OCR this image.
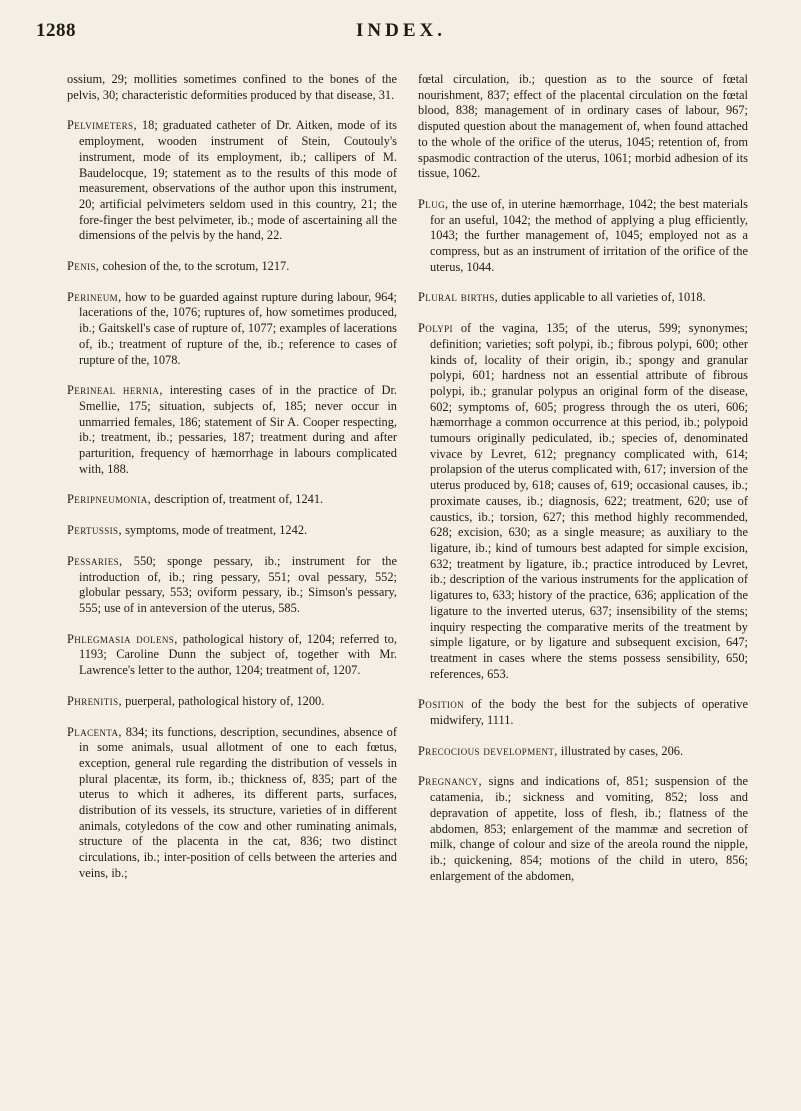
1288	INDEX.

ossium, 29; mollities sometimes confined to the bones of the pelvis, 30; characteristic deformities produced by that disease, 31.

Pelvimeters, 18; graduated catheter of Dr. Aitken, mode of its employment, wooden instrument of Stein, Coutouly's instrument, mode of its employment, ib.; callipers of M. Baudelocque, 19; statement as to the results of this mode of measurement, observations of the author upon this instrument, 20; artificial pelvimeters seldom used in this country, 21; the fore-finger the best pelvimeter, ib.; mode of ascertaining all the dimensions of the pelvis by the hand, 22.

Penis, cohesion of the, to the scrotum, 1217.

Perineum, how to be guarded against rupture during labour, 964; lacerations of the, 1076; ruptures of, how sometimes produced, ib.; Gaitskell's case of rupture of, 1077; examples of lacerations of, ib.; treatment of rupture of the, ib.; reference to cases of rupture of the, 1078.

Perineal hernia, interesting cases of in the practice of Dr. Smellie, 175; situation, subjects of, 185; never occur in unmarried females, 186; statement of Sir A. Cooper respecting, ib.; treatment, ib.; pessaries, 187; treatment during and after parturition, frequency of hæmorrhage in labours complicated with, 188.

Peripneumonia, description of, treatment of, 1241.

Pertussis, symptoms, mode of treatment, 1242.

Pessaries, 550; sponge pessary, ib.; instrument for the introduction of, ib.; ring pessary, 551; oval pessary, 552; globular pessary, 553; oviform pessary, ib.; Simson's pessary, 555; use of in anteversion of the uterus, 585.

Phlegmasia dolens, pathological history of, 1204; referred to, 1193; Caroline Dunn the subject of, together with Mr. Lawrence's letter to the author, 1204; treatment of, 1207.

Phrenitis, puerperal, pathological history of, 1200.

Placenta, 834; its functions, description, secundines, absence of in some animals, usual allotment of one to each fœtus, exception, general rule regarding the distribution of vessels in plural placentæ, its form, ib.; thickness of, 835; part of the uterus to which it adheres, its different parts, surfaces, distribution of its vessels, its structure, varieties of in different animals, cotyledons of the cow and other ruminating animals, structure of the placenta in the cat, 836; two distinct circulations, ib.; inter-position of cells between the arteries and veins, ib.;

fœtal circulation, ib.; question as to the source of fœtal nourishment, 837; effect of the placental circulation on the fœtal blood, 838; management of in ordinary cases of labour, 967; disputed question about the management of, when found attached to the whole of the orifice of the uterus, 1045; retention of, from spasmodic contraction of the uterus, 1061; morbid adhesion of its tissue, 1062.

Plug, the use of, in uterine hæmorrhage, 1042; the best materials for an useful, 1042; the method of applying a plug efficiently, 1043; the further management of, 1045; employed not as a compress, but as an instrument of irritation of the orifice of the uterus, 1044.

Plural births, duties applicable to all varieties of, 1018.

Polypi of the vagina, 135; of the uterus, 599; synonymes; definition; varieties; soft polypi, ib.; fibrous polypi, 600; other kinds of, locality of their origin, ib.; spongy and granular polypi, 601; hardness not an essential attribute of fibrous polypi, ib.; granular polypus an original form of the disease, 602; symptoms of, 605; progress through the os uteri, 606; hæmorrhage a common occurrence at this period, ib.; polypoid tumours originally pediculated, ib.; species of, denominated vivace by Levret, 612; pregnancy complicated with, 614; prolapsion of the uterus complicated with, 617; inversion of the uterus produced by, 618; causes of, 619; occasional causes, ib.; proximate causes, ib.; diagnosis, 622; treatment, 620; use of caustics, ib.; torsion, 627; this method highly recommended, 628; excision, 630; as a single measure; as auxiliary to the ligature, ib.; kind of tumours best adapted for simple excision, 632; treatment by ligature, ib.; practice introduced by Levret, ib.; description of the various instruments for the application of ligatures to, 633; history of the practice, 636; application of the ligature to the inverted uterus, 637; insensibility of the stems; inquiry respecting the comparative merits of the treatment by simple ligature, or by ligature and subsequent excision, 647; treatment in cases where the stems possess sensibility, 650; references, 653.

Position of the body the best for the subjects of operative midwifery, 1111.

Precocious development, illustrated by cases, 206.

Pregnancy, signs and indications of, 851; suspension of the catamenia, ib.; sickness and vomiting, 852; loss and depravation of appetite, loss of flesh, ib.; flatness of the abdomen, 853; enlargement of the mammæ and secretion of milk, change of colour and size of the areola round the nipple, ib.; quickening, 854; motions of the child in utero, 856; enlargement of the abdomen,
